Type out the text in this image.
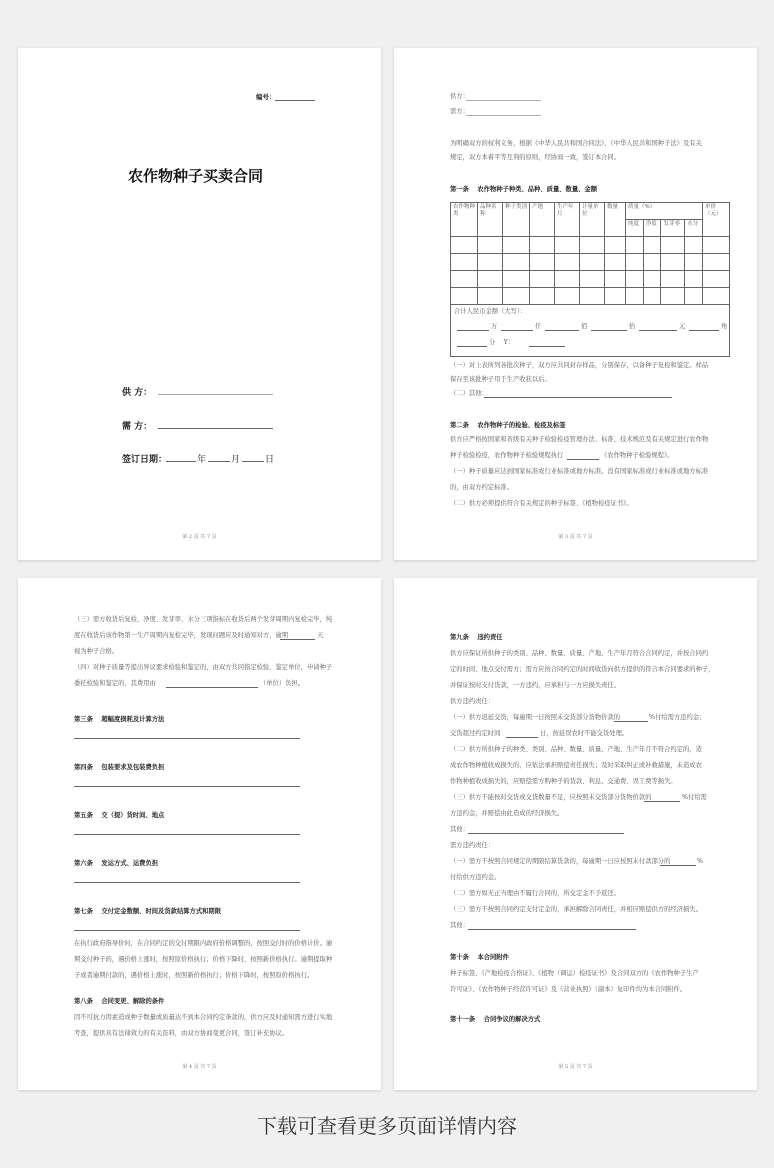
编号：
农作物种子买卖合同
供 方：
需 方：
签订日期：	年	月	日
第 2 页 共 7 页
供方：
需方：
为明确双方的权利义务，根据《中华人民共和国合同法》、《中华人民共和国种子法》及有关
规定，双方本着平等互利的原则，经协商一致，签订本合同。
第一条　 农作物种子种类、品种、质量、数量、金额
农作物种类	品种名称	种子类别	产地	生产年月	计量单位	数量	质量（%）				单价（元）
							纯度	净度	发芽率	水分	

合计人民币金额（大写）：
万	仟	佰	拾	元	角
分　 Y：
（一）对上表所列各批次种子，双方应共同封存样品，分别保存，以备种子复检和鉴定。样品
保存至该批种子用于生产收获以后。
（二）其他：
第二条　 农作物种子的检验、检疫及标签
供方应严格按国家和省级有关种子检验检疫管理办法、标准、技术规范及有关规定进行农作物
种子检验检疫，农作物种子检验规程执行	《农作物种子检验规程》。
（一）种子质量应达到国家标准或行业标准或地方标准。没有国家标准或行业标准或地方标准
的，由双方约定标准。
（二）供方必须提供符合有关规定的种子标签、《植物检疫证书》。
第 3 页 共 7 页
（三）需方收货后复检，净度、发芽率、水分三项指标在收货后两个发芽周期内复检完毕，纯
度在收货后该作物第一生产周期内复检完毕，发现问题应及时通知对方，逾期	天
视为种子合格。
（四）对种子质量等提出异议要求检验和鉴定的，由双方共同指定检验、鉴定单位，申请种子
委托检验和鉴定的，其费用由	（单位）负担。
第三条　 超幅度损耗及计算方法
第四条　 包装要求及包装费负担
第五条　 交（提）货时间、地点
第六条　 发运方式、运费负担
第七条　 交付定金数额、时间及货款结算方式和期限
在执行政府指导价时，在合同约定的交付期限内政府价格调整的，按照交付时的价格计价。逾
期交付种子的，遇价格上涨时，按照原价格执行；价格下降时，按照新价格执行。逾期提取种
子或者逾期付款的，遇价格上涨时，按照新价格执行；价格下降时，按照原价格执行。
第八条　 合同变更、解除的条件
因不可抗力因素造成种子数量或质量达不到本合同约定条款的，供方应及时通知需方进行实地
考查，提供具有法律效力的有关资料，由双方协商变更合同，签订补充协议。
第 4 页 共 7 页
第九条　 违约责任
供方应保证所供种子的类别、品种、数量、质量、产地、生产年月符合合同约定，并按合同约
定的时间、地点交付需方；需方应按合同约定的时间收货向供方提供的符合本合同要求的种子，
并保证按时支付货款，一方违约，应承担与一方应损失责任。
供方违约责任：
（一）供方迟延交货，每逾期一日按照未交货部分货物价款的	%付给需方违约金；
交货超过约定时间	日，按延误农时不能交货处理。
（二）供方所供种子的种类、类别、品种、数量、质量、产地、生产年月不符合约定的，造
成农作物种植收成损失的，应依法承担赔偿责任损失；及时采取纠正或补救措施，未造成农
作物种植收成损失的，应赔偿需方购种子的货款、利息、交通费、误工费等损失。
（三）供方不能按时交货或交货数量不足，应按照未交货部分货物价款的	%付给需
方违约金，并赔偿由此造成的经济损失。
其他：
需方违约责任：
（一）需方不按照合同规定的期限结算货款的，每逾期一日应按照未付款部分的	%
付给供方违约金。
（二）需方如无正当理由不履行合同的，所交定金不予返还。
（三）需方不按照合同约定支付定金的，承担解除合同责任，并相应赔偿供方的经济损失。
其他：
第十条　 本合同附件
种子标签、《产地检疫合格证》、《植物（调运）检疫证书》及合同双方的《农作物种子生产
许可证》、《农作物种子经营许可证》及《营业执照》（副本）复印件均为本合同附件。
第十一条　 合同争议的解决方式
第 5 页 共 7 页
下载可查看更多页面详情内容
